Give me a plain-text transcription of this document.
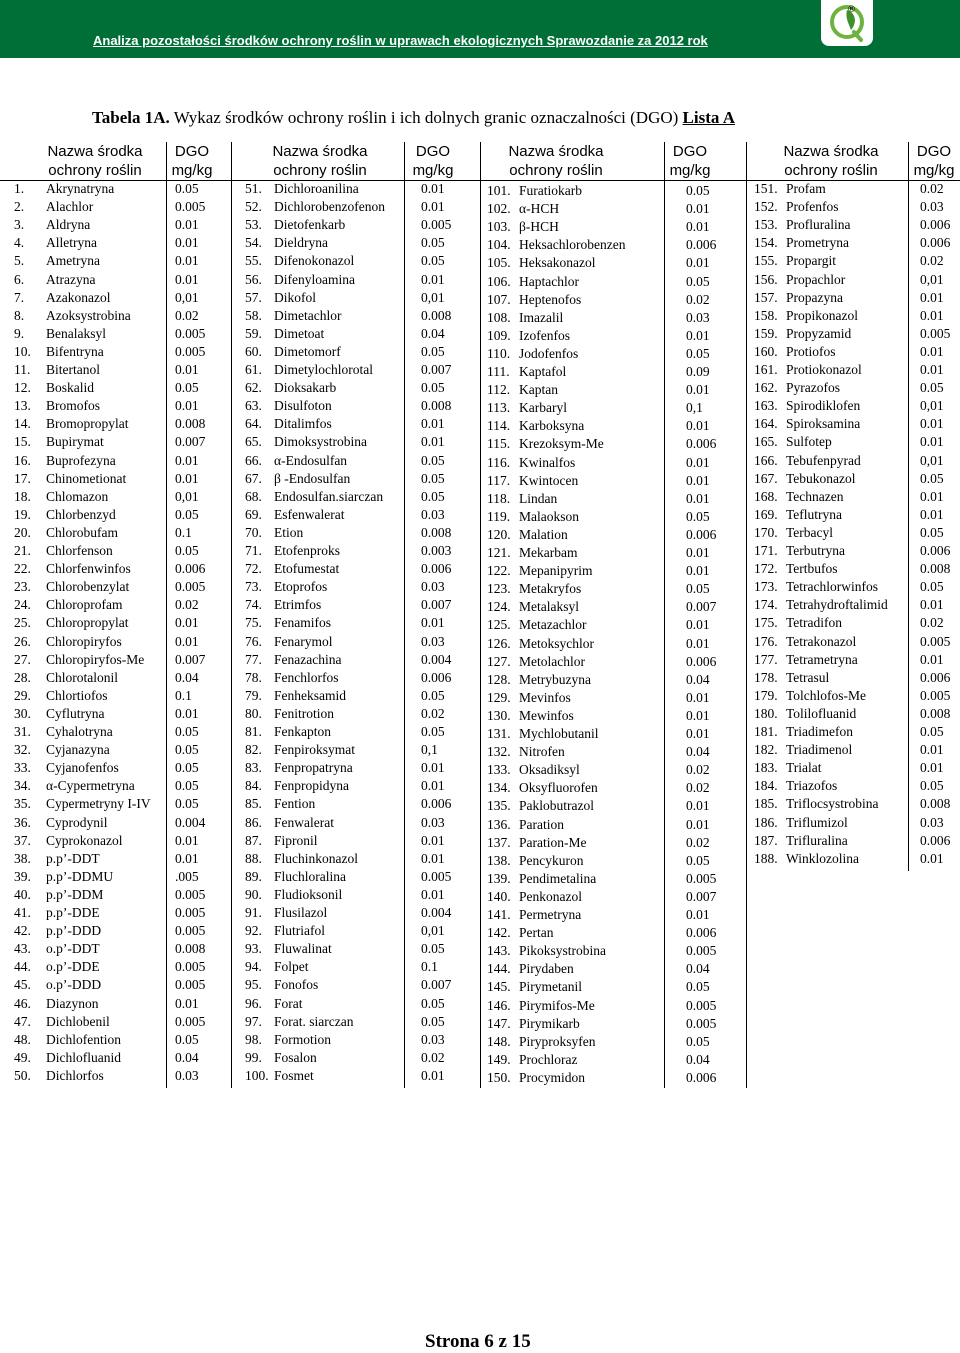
Analiza pozostałości środków ochrony roślin w uprawach ekologicznych Sprawozdanie za 2012 rok
®
Tabela 1A. Wykaz środków ochrony roślin i ich dolnych granic oznaczalności (DGO) Lista A
Nazwa środka
ochrony roślin
DGO
mg/kg
1. Akrynatryna	0.05
2. Alachlor	0.005
3. Aldryna	0.01
4. Alletryna	0.01
5. Ametryna	0.01
6. Atrazyna	0.01
7. Azakonazol	0,01
8. Azoksystrobina	0.02
9. Benalaksyl	0.005
10. Bifentryna	0.005
11. Bitertanol	0.01
12. Boskalid	0.05
13. Bromofos	0.01
14. Bromopropylat	0.008
15. Bupirymat	0.007
16. Buprofezyna	0.01
17. Chinometionat	0.01
18. Chlomazon	0,01
19. Chlorbenzyd	0.05
20. Chlorobufam	0.1
21. Chlorfenson	0.05
22. Chlorfenwinfos	0.006
23. Chlorobenzylat	0.005
24. Chloroprofam	0.02
25. Chloropropylat	0.01
26. Chloropiryfos	0.01
27. Chloropiryfos-Me 0.007
28. Chlorotalonil	0.04
29. Chlortiofos	0.1
30. Cyflutryna	0.01
31. Cyhalotryna	0.05
32. Cyjanazyna	0.05
33. Cyjanofenfos	0.05
34. α-Cypermetryna	0.05
35. Cypermetryny I-IV 0.05
36. Cyprodynil	0.004
37. Cyprokonazol	0.01
38. p.p’-DDT	0.01
39. p.p’-DDMU	.005
40. p.p’-DDM	0.005
41. p.p’-DDE	0.005
42. p.p’-DDD	0.005
43. o.p’-DDT	0.008
44. o.p’-DDE	0.005
45. o.p’-DDD	0.005
46. Diazynon	0.01
47. Dichlobenil	0.005
48. Dichlofention	0.05
49. Dichlofluanid	0.04
50. Dichlorfos	0.03
Nazwa środka
ochrony roślin
DGO
mg/kg
51. Dichloroanilina	0.01
52. Dichlorobenzofenon	0.01
53. Dietofenkarb	0.005
54. Dieldryna	0.05
55. Difenokonazol	0.05
56. Difenyloamina	0.01
57. Dikofol	0,01
58. Dimetachlor	0.008
59. Dimetoat	0.04
60. Dimetomorf	0.05
61. Dimetylochlorotal	0.007
62. Dioksakarb	0.05
63. Disulfoton	0.008
64. Ditalimfos	0.01
65. Dimoksystrobina	0.01
66. α-Endosulfan	0.05
67. β -Endosulfan	0.05
68. Endosulfan.siarczan	0.05
69. Esfenwalerat	0.03
70. Etion	0.008
71. Etofenproks	0.003
72. Etofumestat	0.006
73. Etoprofos	0.03
74. Etrimfos	0.007
75. Fenamifos	0.01
76. Fenarymol	0.03
77. Fenazachina	0.004
78. Fenchlorfos	0.006
79. Fenheksamid	0.05
80. Fenitrotion	0.02
81. Fenkapton	0.05
82. Fenpiroksymat	0,1
83. Fenpropatryna	0.01
84. Fenpropidyna	0.01
85. Fention	0.006
86. Fenwalerat	0.03
87. Fipronil	0.01
88. Fluchinkonazol	0.01
89. Fluchloralina	0.005
90. Fludioksonil	0.01
91. Flusilazol	0.004
92. Flutriafol	0,01
93. Fluwalinat	0.05
94. Folpet	0.1
95. Fonofos	0.007
96. Forat	0.05
97. Forat. siarczan	0.05
98. Formotion	0.03
99. Fosalon	0.02
100. Fosmet	0.01
Nazwa środka
ochrony roślin
DGO
mg/kg
101. Furatiokarb	0.05
102. α-HCH	0.01
103. β-HCH	0.01
104. Heksachlorobenzen	0.006
105. Heksakonazol	0.01
106. Haptachlor	0.05
107. Heptenofos	0.02
108. Imazalil	0.03
109. Izofenfos	0.01
110. Jodofenfos	0.05
111. Kaptafol	0.09
112. Kaptan	0.01
113. Karbaryl	0,1
114. Karboksyna	0.01
115. Krezoksym-Me	0.006
116. Kwinalfos	0.01
117. Kwintocen	0.01
118. Lindan	0.01
119. Malaokson	0.05
120. Malation	0.006
121. Mekarbam	0.01
122. Mepanipyrim	0.01
123. Metakryfos	0.05
124. Metalaksyl	0.007
125. Metazachlor	0.01
126. Metoksychlor	0.01
127. Metolachlor	0.006
128. Metrybuzyna	0.04
129. Mevinfos	0.01
130. Mewinfos	0.01
131. Mychlobutanil	0.01
132. Nitrofen	0.04
133. Oksadiksyl	0.02
134. Oksyfluorofen	0.02
135. Paklobutrazol	0.01
136. Paration	0.01
137. Paration-Me	0.02
138. Pencykuron	0.05
139. Pendimetalina	0.005
140. Penkonazol	0.007
141. Permetryna	0.01
142. Pertan	0.006
143. Pikoksystrobina	0.005
144. Pirydaben	0.04
145. Pirymetanil	0.05
146. Pirymifos-Me	0.005
147. Pirymikarb	0.005
148. Piryproksyfen	0.05
149. Prochloraz	0.04
150. Procymidon	0.006
Nazwa środka
ochrony roślin
DGO
mg/kg
151. Profam	0.02
152. Profenfos	0.03
153. Profluralina	0.006
154. Prometryna	0.006
155. Propargit	0.02
156. Propachlor	0,01
157. Propazyna	0.01
158. Propikonazol	0.01
159. Propyzamid	0.005
160. Protiofos	0.01
161. Protiokonazol	0.01
162. Pyrazofos	0.05
163. Spirodiklofen	0,01
164. Spiroksamina	0.01
165. Sulfotep	0.01
166. Tebufenpyrad	0,01
167. Tebukonazol	0.05
168. Technazen	0.01
169. Teflutryna	0.01
170. Terbacyl	0.05
171. Terbutryna	0.006
172. Tertbufos	0.008
173. Tetrachlorwinfos	0.05
174. Tetrahydroftalimid 0.01
175. Tetradifon	0.02
176. Tetrakonazol	0.005
177. Tetrametryna	0.01
178. Tetrasul	0.006
179. Tolchlofos-Me	0.005
180. Tolilofluanid	0.008
181. Triadimefon	0.05
182. Triadimenol	0.01
183. Trialat	0.01
184. Triazofos	0.05
185. Triflocsystrobina	0.008
186. Triflumizol	0.03
187. Trifluralina	0.006
188. Winklozolina	0.01
Strona 6 z 15
